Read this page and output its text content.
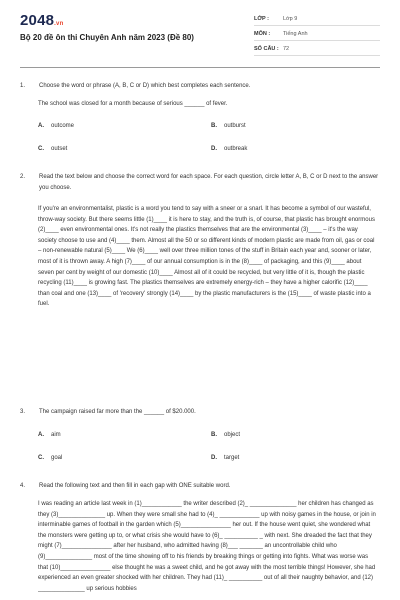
2048.vn
Bộ 20 đề ôn thi Chuyên Anh năm 2023 (Đề 80)
LỚP :	Lớp 9
MÔN :	Tiếng Anh
SỐ CÂU : 72
1. Choose the word or phrase (A, B, C or D) which best completes each sentence.
The school was closed for a month because of serious ______ of fever.
A. outcome	B. outburst
C. outset	D. outbreak
2. Read the text below and choose the correct word for each space. For each question, circle letter A, B, C or D next to the answer you choose.
If you're an environmentalist, plastic is a word you tend to say with a sneer or a snarl. It has become a symbol of our wasteful, throw-way society. But there seems little (1)____ it is here to stay, and the truth is, of course, that plastic has brought enormous (2)____ even environmental ones. It's not really the plastics themselves that are the environmental (3)____ – it's the way society choose to use and (4)____ them. Almost all the 50 or so different kinds of modern plastic are made from oil, gas or coal – non-renewable natural (5)____ We (6)____ well over three million tones of the stuff in Britain each year and, sooner or later, most of it is thrown away. A high (7)____ of our annual consumption is in the (8)____ of packaging, and this (9)____ about seven per cent by weight of our domestic (10)____ Almost all of it could be recycled, but very little of it is, though the plastic recycling (11)____ is growing fast. The plastics themselves are extremely energy-rich – they have a higher calorific (12)____ than coal and one (13)____ of 'recovery' strongly (14)____ by the plastic manufacturers is the (15)____ of waste plastic into a fuel.
3. The campaign raised far more than the ______ of $20.000.
A. aim	B. object
C. goal	D. target
4. Read the following text and then fill in each gap with ONE suitable word.
I was reading an article last week in (1)____________ the writer described (2)_ ______________ her children has changed as they (3)______________ up. When they were small she had to (4)_ ____________ up with noisy games in the house, or join in interminable games of football in the garden which (5)_______________ her out. If the house went quiet, she wondered what the monsters were getting up to, or what crisis she would have to (6)_ __________ _ with next. She dreaded the fact that they might (7)_______________ after her husband, who admitted having (8)___ _______ an uncontrollable child who (9)______________ most of the time showing off to his friends by breaking things or getting into fights. What was worse was that (10)_______________ else thought he was a sweet child, and he got away with the most terrible things! However, she had experienced an even greater shocked with her children. They had (11)_ __________ out of all their naughty behavior, and (12) ______________ up serious hobbies
